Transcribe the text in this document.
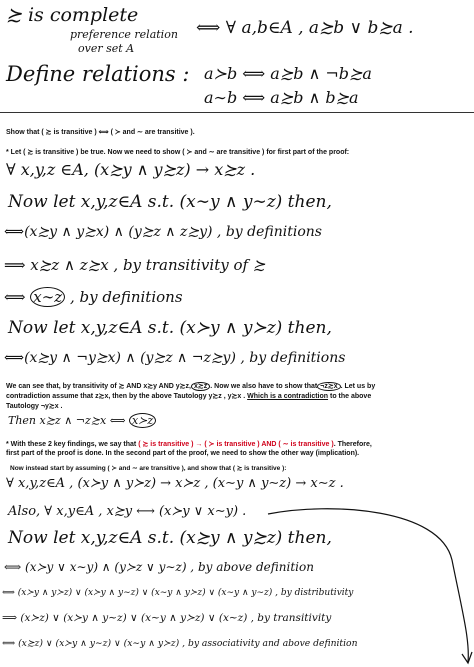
≿ is complete
preference relation
over set A
⟺ ∀ a,b∈A , a≿b ∨ b≿a .
Define relations : a≻b ⟺ a≿b ∧ ¬b≿a
a∼b ⟺ a≿b ∧ b≿a
Show that ( ≿ is transitive ) ⟺ ( ≻ and ∼ are transitive ).
* Let ( ≿ is transitive ) be true. Now we need to show ( ≻ and ∼ are transitive ) for first part of the proof:
∀ x,y,z ∈A, (x≿y ∧ y≿z) → x≿z .
Now let x,y,z∈A s.t. (x∼y ∧ y∼z) then,
⟺(x≿y ∧ y≿x) ∧ (y≿z ∧ z≿y) , by definitions
⟹ x≿z ∧ z≿x , by transitivity of ≿
⟺ x∼z , by definitions
Now let x,y,z∈A s.t. (x≻y ∧ y≻z) then,
⟺(x≿y ∧ ¬y≿x) ∧ (y≿z ∧ ¬z≿y) , by definitions
We can see that, by transitivity of ≿ AND x≿y AND y≿z, x≿z . Now we also have to show that ¬z≿x . Let us by
contradiction assume that z≿x, then by the above Tautology y≿z , y≿x . Which is a contradiction to the above
Tautology ¬y≿x .
Then x≿z ∧ ¬z≿x ⟺ x≻z
* With these 2 key findings, we say that ( ≿ is transitive ) → ( ≻ is transitive ) AND ( ∼ is transitive ). Therefore,
first part of the proof is done. In the second part of the proof, we need to show the other way (implication).
Now instead start by assuming ( ≻ and ∼ are transitive ), and show that ( ≿ is transitive ):
∀ x,y,z∈A , (x≻y ∧ y≻z) → x≻z , (x∼y ∧ y∼z) → x∼z .
Also, ∀ x,y∈A , x≿y ⟷ (x≻y ∨ x∼y) .
Now let x,y,z∈A s.t. (x≿y ∧ y≿z) then,
⟺ (x≻y ∨ x∼y) ∧ (y≻z ∨ y∼z) , by above definition
⟺ (x≻y ∧ y≻z) ∨ (x≻y ∧ y∼z) ∨ (x∼y ∧ y≻z) ∨ (x∼y ∧ y∼z) , by distributivity
⟹ (x≻z) ∨ (x≻y ∧ y∼z) ∨ (x∼y ∧ y≻z) ∨ (x∼z) , by transitivity
⟺ (x≿z) ∨ (x≻y ∧ y∼z) ∨ (x∼y ∧ y≻z) , by associativity and above definition
